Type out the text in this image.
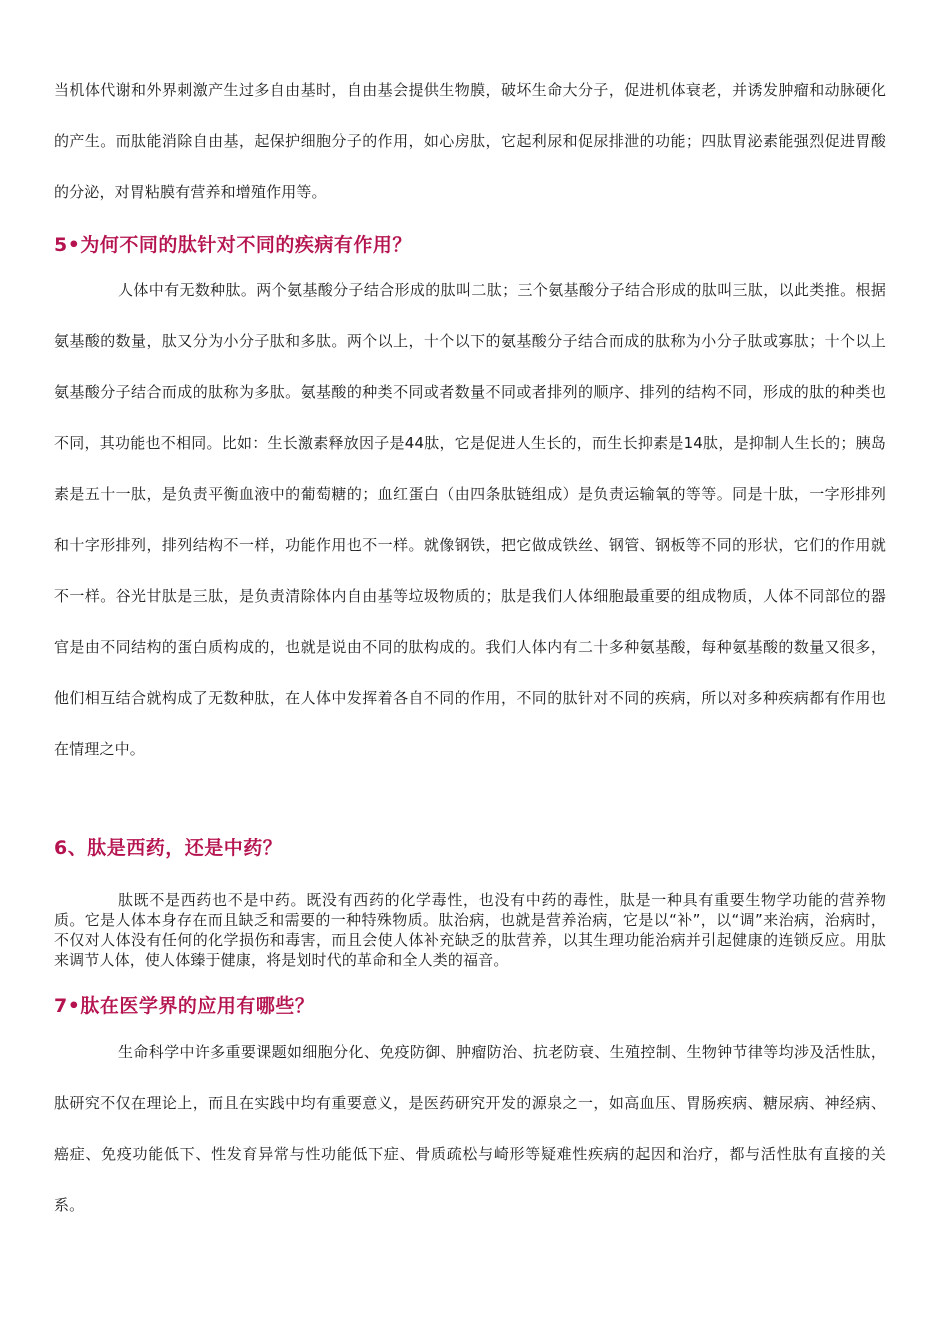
当机体代谢和外界刺激产生过多自由基时，自由基会提供生物膜，破坏生命大分子，促进机体衰老，并诱发肿瘤和动脉硬化的产生。而肽能消除自由基，起保护细胞分子的作用，如心房肽，它起利尿和促尿排泄的功能；四肽胃泌素能强烈促进胃酸的分泌，对胃粘膜有营养和增殖作用等。

5•为何不同的肽针对不同的疾病有作用？

人体中有无数种肽。两个氨基酸分子结合形成的肽叫二肽；三个氨基酸分子结合形成的肽叫三肽，以此类推。根据氨基酸的数量，肽又分为小分子肽和多肽。两个以上，十个以下的氨基酸分子结合而成的肽称为小分子肽或寡肽；十个以上氨基酸分子结合而成的肽称为多肽。氨基酸的种类不同或者数量不同或者排列的顺序、排列的结构不同，形成的肽的种类也不同，其功能也不相同。比如：生长激素释放因子是44肽，它是促进人生长的，而生长抑素是14肽，是抑制人生长的；胰岛素是五十一肽，是负责平衡血液中的葡萄糖的；血红蛋白（由四条肽链组成）是负责运输氧的等等。同是十肽，一字形排列和十字形排列，排列结构不一样，功能作用也不一样。就像钢铁，把它做成铁丝、钢管、钢板等不同的形状，它们的作用就不一样。谷光甘肽是三肽，是负责清除体内自由基等垃圾物质的；肽是我们人体细胞最重要的组成物质，人体不同部位的器官是由不同结构的蛋白质构成的，也就是说由不同的肽构成的。我们人体内有二十多种氨基酸，每种氨基酸的数量又很多，他们相互结合就构成了无数种肽，在人体中发挥着各自不同的作用，不同的肽针对不同的疾病，所以对多种疾病都有作用也在情理之中。

6、肽是西药，还是中药？

肽既不是西药也不是中药。既没有西药的化学毒性，也没有中药的毒性，肽是一种具有重要生物学功能的营养物质。它是人体本身存在而且缺乏和需要的一种特殊物质。肽治病，也就是营养治病，它是以“补”，以“调”来治病，治病时，不仅对人体没有任何的化学损伤和毒害，而且会使人体补充缺乏的肽营养，以其生理功能治病并引起健康的连锁反应。用肽来调节人体，使人体臻于健康，将是划时代的革命和全人类的福音。

7•肽在医学界的应用有哪些？

生命科学中许多重要课题如细胞分化、免疫防御、肿瘤防治、抗老防衰、生殖控制、生物钟节律等均涉及活性肽，肽研究不仅在理论上，而且在实践中均有重要意义，是医药研究开发的源泉之一，如高血压、胃肠疾病、糖尿病、神经病、癌症、免疫功能低下、性发育异常与性功能低下症、骨质疏松与崎形等疑难性疾病的起因和治疗，都与活性肽有直接的关系。
